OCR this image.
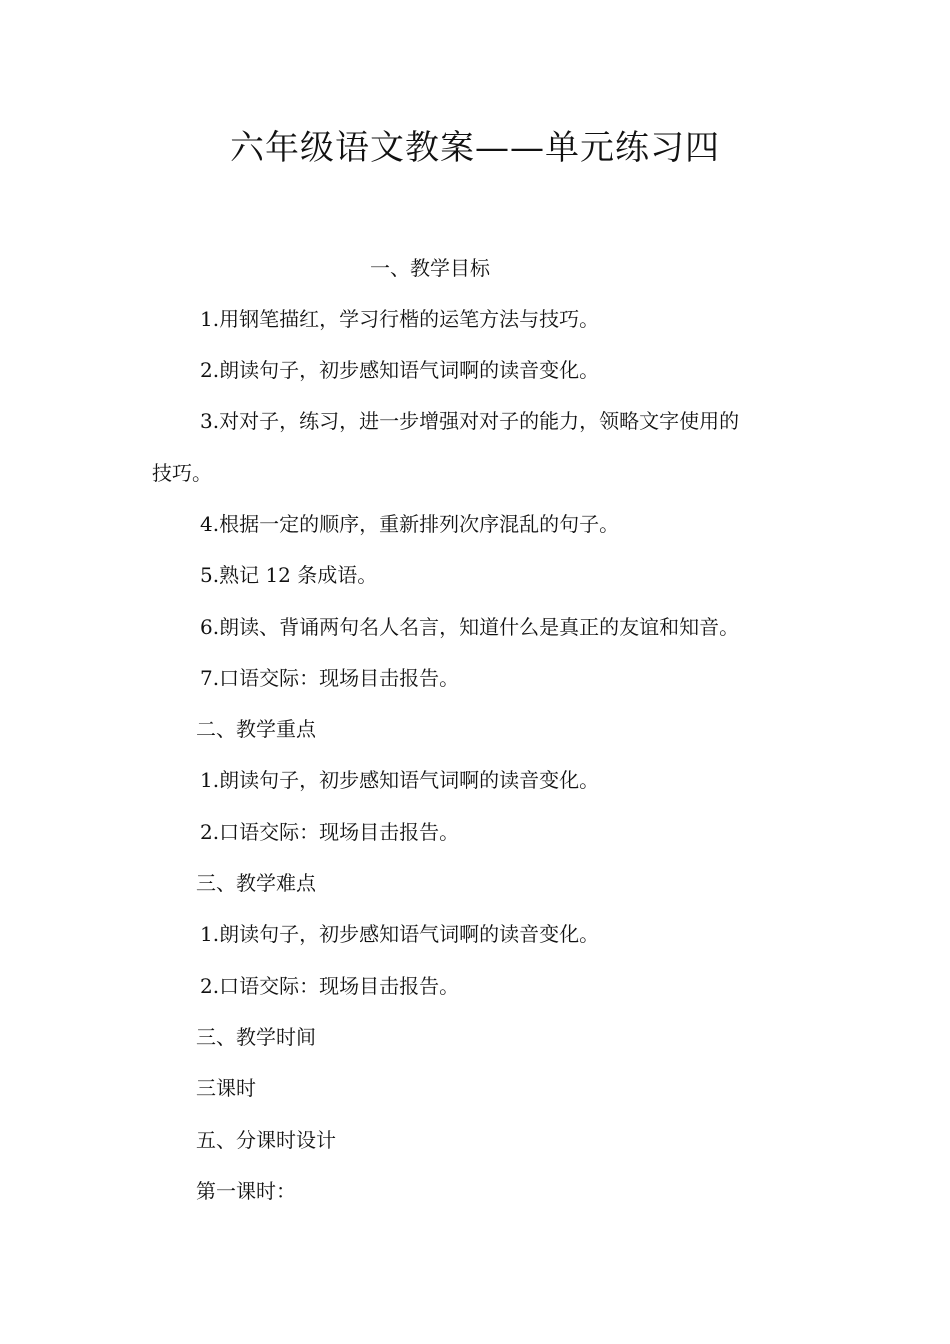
六年级语文教案——单元练习四
一、教学目标
1.用钢笔描红，学习行楷的运笔方法与技巧。
2.朗读句子，初步感知语气词啊的读音变化。
3.对对子，练习，进一步增强对对子的能力，领略文字使用的
技巧。
4.根据一定的顺序，重新排列次序混乱的句子。
5.熟记 12 条成语。
6.朗读、背诵两句名人名言，知道什么是真正的友谊和知音。
7.口语交际：现场目击报告。
二、教学重点
1.朗读句子，初步感知语气词啊的读音变化。
2.口语交际：现场目击报告。
三、教学难点
1.朗读句子，初步感知语气词啊的读音变化。
2.口语交际：现场目击报告。
三、教学时间
三课时
五、分课时设计
第一课时：
